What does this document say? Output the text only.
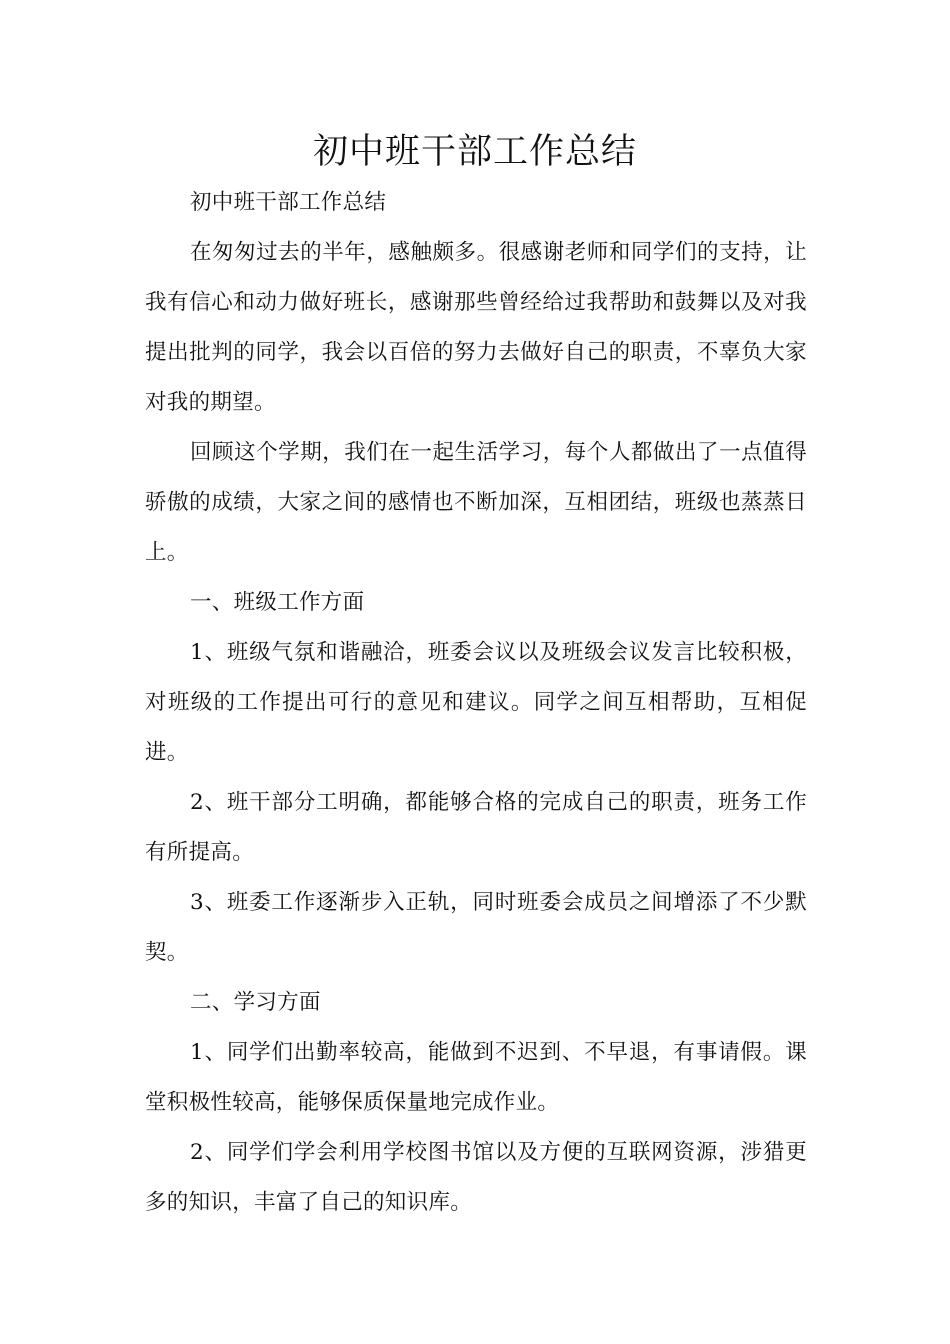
初中班干部工作总结

初中班干部工作总结

在匆匆过去的半年，感触颇多。很感谢老师和同学们的支持，让我有信心和动力做好班长，感谢那些曾经给过我帮助和鼓舞以及对我提出批判的同学，我会以百倍的努力去做好自己的职责，不辜负大家对我的期望。

回顾这个学期，我们在一起生活学习，每个人都做出了一点值得骄傲的成绩，大家之间的感情也不断加深，互相团结，班级也蒸蒸日上。

一、班级工作方面

1、班级气氛和谐融洽，班委会议以及班级会议发言比较积极，对班级的工作提出可行的意见和建议。同学之间互相帮助，互相促进。

2、班干部分工明确，都能够合格的完成自己的职责，班务工作有所提高。

3、班委工作逐渐步入正轨，同时班委会成员之间增添了不少默契。

二、学习方面

1、同学们出勤率较高，能做到不迟到、不早退，有事请假。课堂积极性较高，能够保质保量地完成作业。

2、同学们学会利用学校图书馆以及方便的互联网资源，涉猎更多的知识，丰富了自己的知识库。
